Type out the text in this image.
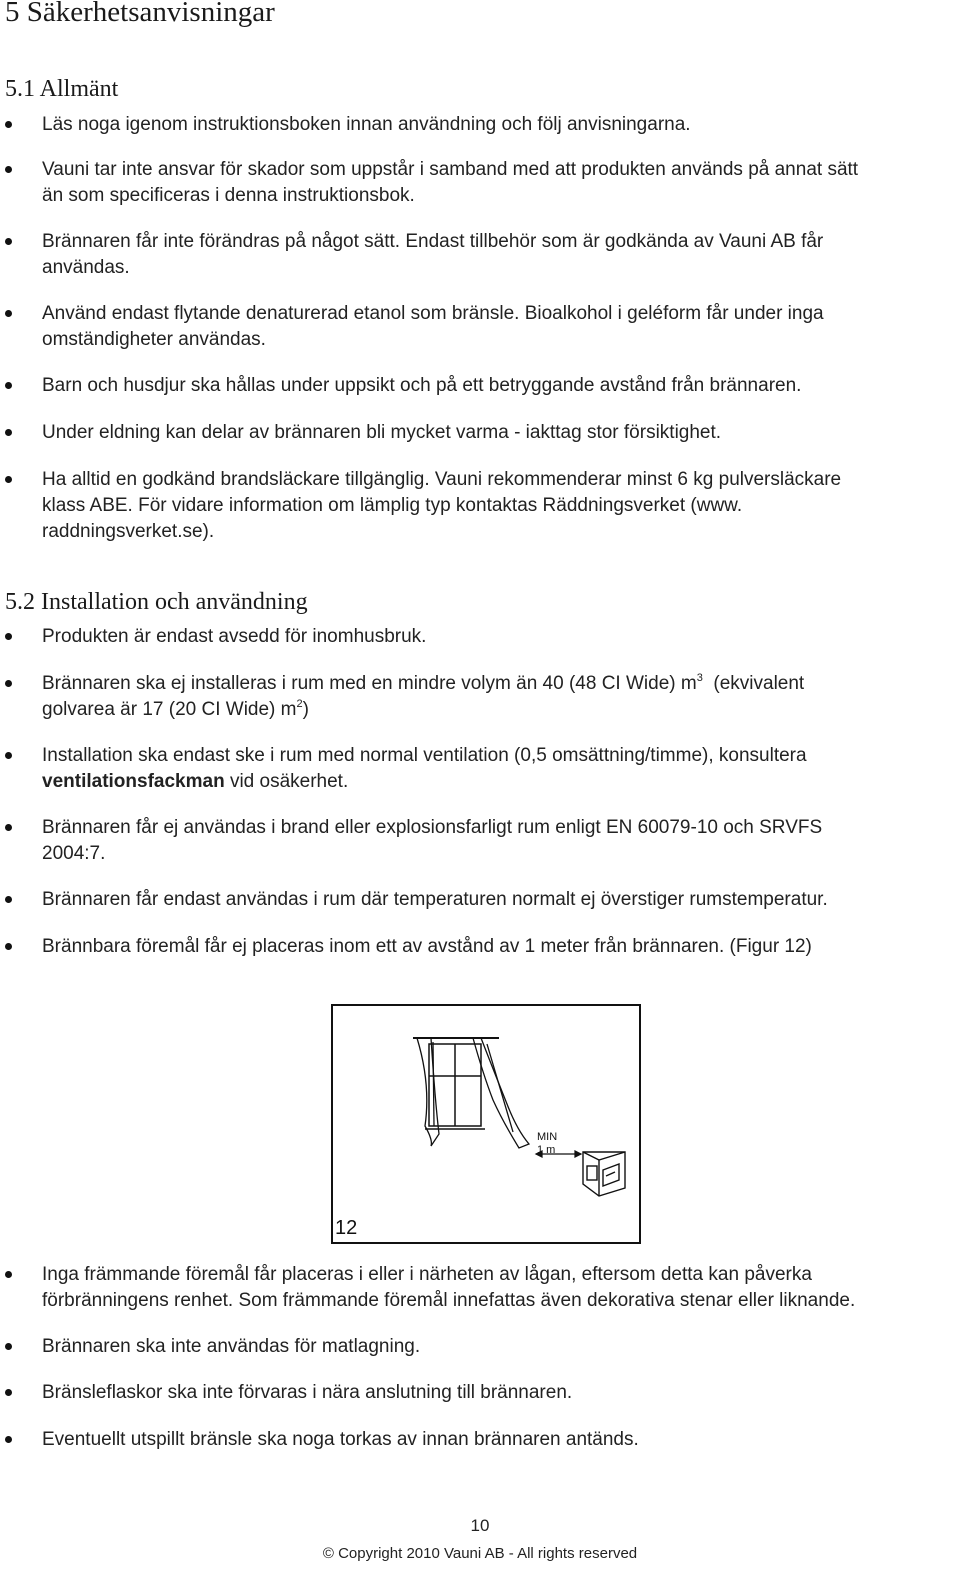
5 Säkerhetsanvisningar
5.1 Allmänt
Läs noga igenom instruktionsboken innan användning och följ anvisningarna.
Vauni tar inte ansvar för skador som uppstår i samband med att produkten används på annat sätt
än som specificeras i denna instruktionsbok.
Brännaren får inte förändras på något sätt. Endast tillbehör som är godkända av Vauni AB får
användas.
Använd endast flytande denaturerad etanol som bränsle. Bioalkohol i geléform får under inga
omständigheter användas.
Barn och husdjur ska hållas under uppsikt och på ett betryggande avstånd från brännaren.
Under eldning kan delar av brännaren bli mycket varma - iakttag stor försiktighet.
Ha alltid en godkänd brandsläckare tillgänglig. Vauni rekommenderar minst 6 kg pulversläckare
klass ABE. För vidare information om lämplig typ kontaktas Räddningsverket (www.
raddningsverket.se).
5.2 Installation och användning
Produkten är endast avsedd för inomhusbruk.
Brännaren ska ej installeras i rum med en mindre volym än 40 (48 CI Wide) $m^3$  (ekvivalent
golvarea är 17 (20 CI Wide) $m^2$)
Installation ska endast ske i rum med normal ventilation (0,5 omsättning/timme), konsultera
ventilationsfackman vid osäkerhet.
Brännaren får ej användas i brand eller explosionsfarligt rum enligt EN 60079-10 och SRVFS
2004:7.
Brännaren får endast användas i rum där temperaturen normalt ej överstiger rumstemperatur.
Brännbara föremål får ej placeras inom ett av avstånd av 1 meter från brännaren. (Figur 12)
MIN
1 m
12
Inga främmande föremål får placeras i eller i närheten av lågan, eftersom detta kan påverka
förbränningens renhet. Som främmande föremål innefattas även dekorativa stenar eller liknande.
Brännaren ska inte användas för matlagning.
Bränsleflaskor ska inte förvaras i nära anslutning till brännaren.
Eventuellt utspillt bränsle ska noga torkas av innan brännaren antänds.
10
© Copyright 2010 Vauni AB - All rights reserved
